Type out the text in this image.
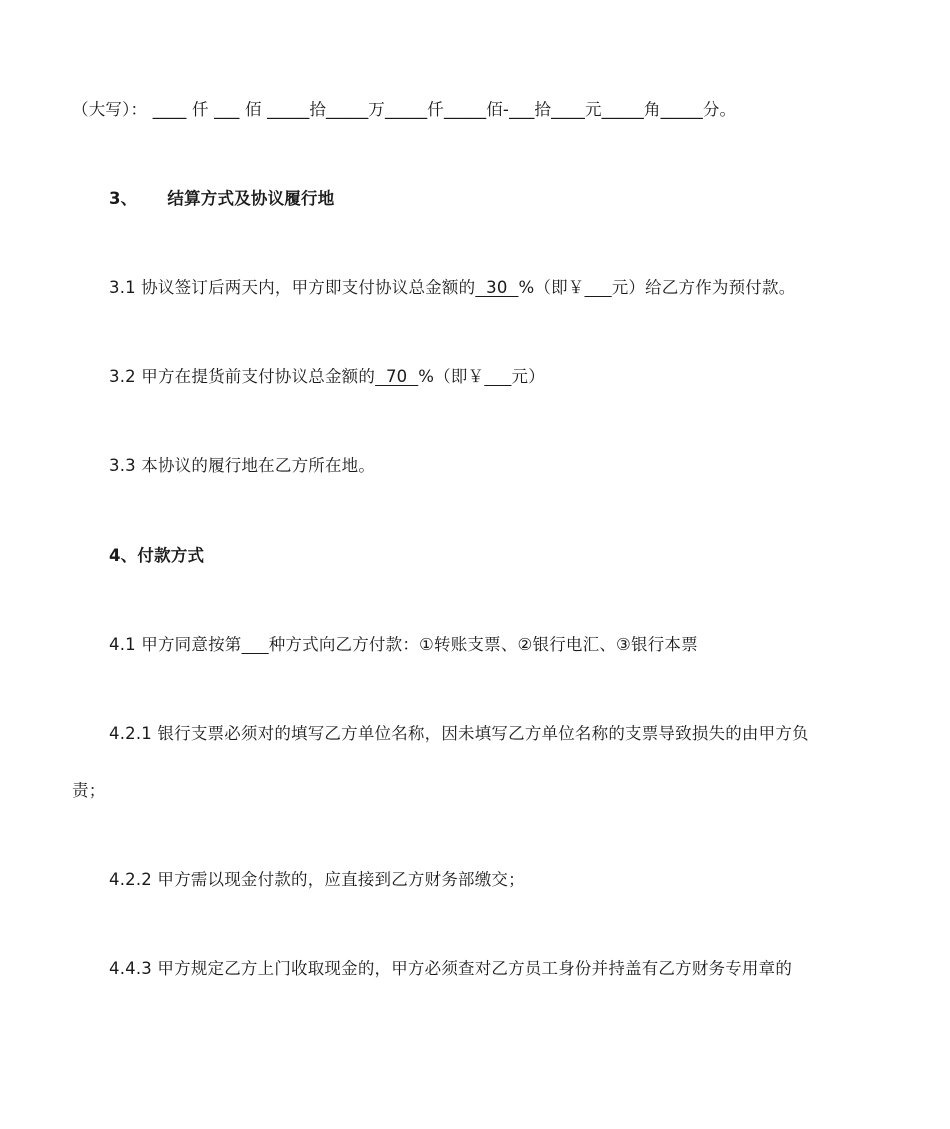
（大写）： ____ 仟 ___ 佰 _____拾_____万_____仟_____佰-___拾____元_____角_____分。
3、 结算方式及协议履行地
3.1 协议签订后两天内，甲方即支付协议总金额的  30  %（即￥ 元）给乙方作为预付款。
3.2 甲方在提货前支付协议总金额的  70  %（即￥ 元）
3.3 本协议的履行地在乙方所在地。
4、付款方式
4.1 甲方同意按第 种方式向乙方付款：①转账支票、②银行电汇、③银行本票
4.2.1 银行支票必须对的填写乙方单位名称，因未填写乙方单位名称的支票导致损失的由甲方负
责；
4.2.2 甲方需以现金付款的，应直接到乙方财务部缴交；
4.4.3 甲方规定乙方上门收取现金的，甲方必须查对乙方员工身份并持盖有乙方财务专用章的
